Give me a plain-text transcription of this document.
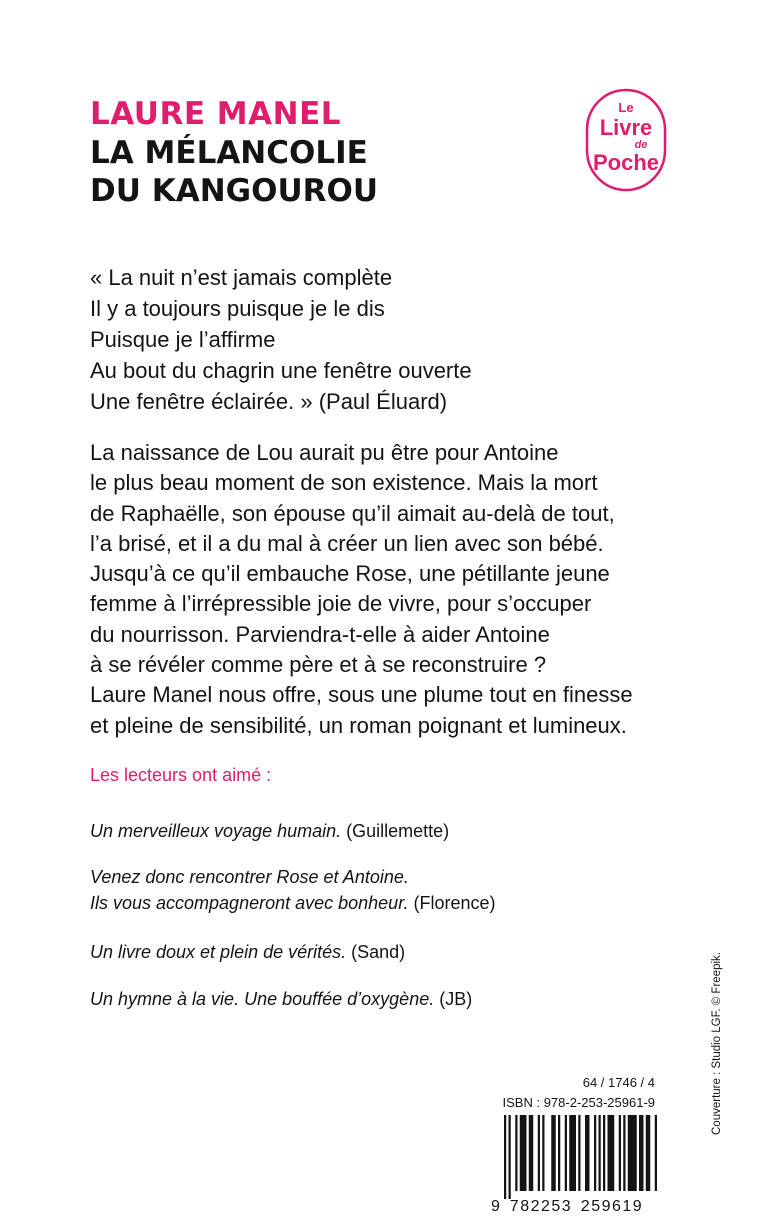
LAURE MANEL
LA MÉLANCOLIE
DU KANGOUROU
Le
Livre
de
Poche
« La nuit n’est jamais complète
Il y a toujours puisque je le dis
Puisque je l’affirme
Au bout du chagrin une fenêtre ouverte
Une fenêtre éclairée. » (Paul Éluard)
La naissance de Lou aurait pu être pour Antoine
le plus beau moment de son existence. Mais la mort
de Raphaëlle, son épouse qu’il aimait au-delà de tout,
l’a brisé, et il a du mal à créer un lien avec son bébé.
Jusqu’à ce qu’il embauche Rose, une pétillante jeune
femme à l’irrépressible joie de vivre, pour s’occuper
du nourrisson. Parviendra-t-elle à aider Antoine
à se révéler comme père et à se reconstruire ?
Laure Manel nous offre, sous une plume tout en finesse
et pleine de sensibilité, un roman poignant et lumineux.
Les lecteurs ont aimé :
Un merveilleux voyage humain. (Guillemette)
Venez donc rencontrer Rose et Antoine.
Ils vous accompagneront avec bonheur. (Florence)
Un livre doux et plein de vérités. (Sand)
Un hymne à la vie. Une bouffée d’oxygène. (JB)	Couverture : Studio LGF. © Freepik.
64 / 1746 / 4
ISBN : 978-2-253-25961-9
9 782253 259619
